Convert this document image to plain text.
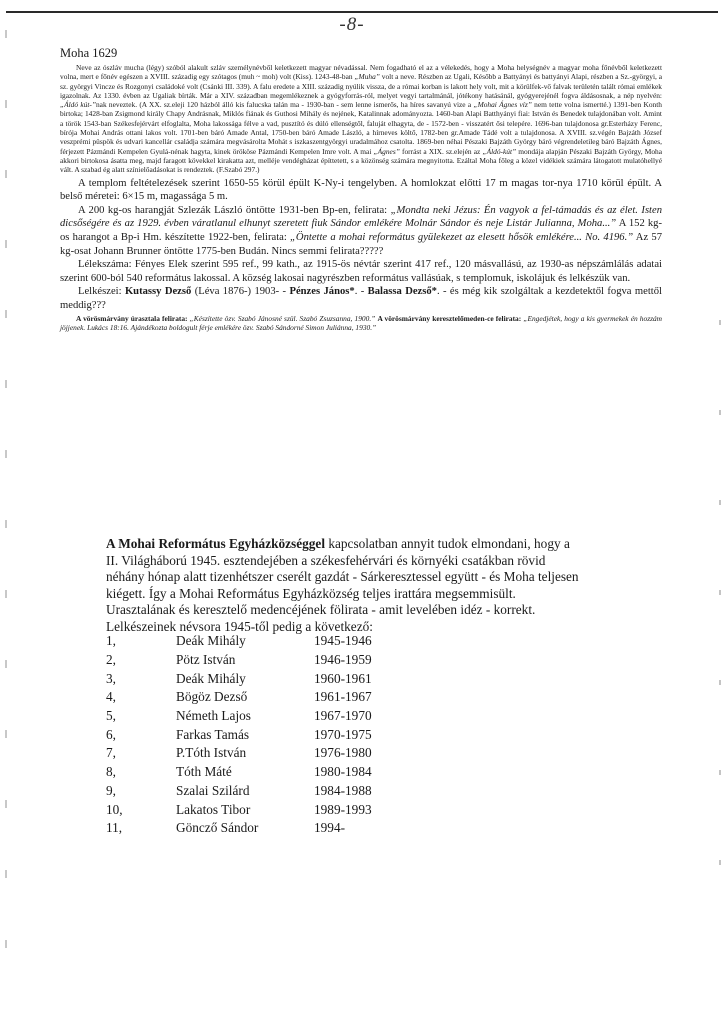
-8-
Moha 1629

Neve az ószláv mucha (légy) szóból alakult szláv személynévből keletkezett magyar névadással. Nem fogadható el az a vélekedés, hogy a Moha helységnév a magyar moha főnévből keletkezett volna, mert e főnév egészen a XVIII. századig egy szótagos (muh ~ moh) volt (Kiss). 1243-48-ban „Muha” volt a neve. Részben az Ugali, Később a Battyányi és battyányi Alapi, részben a Sz.-györgyi, a sz. györgyi Vincze és Rozgonyi családoké volt (Csánki III. 339). A falu eredete a XIII. századig nyúlik vissza, de a római korban is lakott hely volt, mit a körülfek-vő falvak területén talált római emlékek igazolnak. Az 1330. évben az Ugaliak bírták. Már a XIV. században megemlékeznek a gyógyforrás-ról, melyet vegyi tartalmánál, jótékony hatásánál, gyógyerejénél fogva áldásosnak, a nép nyelvén: „Áldó kút-”nak neveztek. (A XX. sz.eleji 120 házból álló kis falucska talán ma - 1930-ban - sem lenne ismerős, ha híres savanyú vize a „Mohai Ágnes víz” nem tette volna ismertté.) 1391-ben Konth birtoka; 1428-ban Zsigmond király Chapy Andrásnak, Miklós fiának és Guthosi Mihály és nejének, Katalinnak adományozta. 1460-ban Alapi Batthyányi fiai: István és Benedek tulajdonában volt. Amint a török 1543-ban Székesfejérvárt elfoglalta, Moha lakossága félve a vad, pusztító és dúló ellenségtől, faluját elhagyta, de - 1572-ben - visszatért ősi telepére. 1696-ban tulajdonosa gr.Esterházy Ferenc, bírója Mohai András ottani lakos volt. 1701-ben báró Amade Antal, 1750-ben báró Amade László, a hírneves költő, 1782-ben gr.Amade Tádé volt a tulajdonosa. A XVIII. sz.végén Bajzáth József veszprémi püspök és udvari kancellár családja számára megvásárolta Mohát s iszkaszentgyörgyi uradalmához csatolta. 1869-ben néhai Pészaki Bajzáth György báró végrendeletileg báró Bajzáth Ágnes, férjezett Pázmándi Kempelen Gyulá-nénak hagyta, kinek örököse Pázmándi Kempelen Imre volt. A mai „Ágnes” forrást a XIX. sz.elején az „Áldó-kút” mondája alapján Pészaki Bajzáth György, Moha akkori birtokosa ásatta meg, majd faragott kövekkel kirakatta azt, melléje vendégházat építtetett, s a közönség számára megnyitotta. Ezáltal Moha főleg a közel vidékiek számára látogatott mulatóhellyé vált. A szabad ég alatt színielőadásokat is rendeztek. (F.Szabó 297.)

A templom feltételezések szerint 1650-55 körül épült K-Ny-i tengelyben. A homlokzat előtti 17 m magas tor-nya 1710 körül épült. A belső méretei: 6×15 m, magassága 5 m.

A 200 kg-os harangját Szlezák László öntötte 1931-ben Bp-en, felirata: „Mondta neki Jézus: Én vagyok a fel-támadás és az élet. Isten dicsőségére és az 1929. évben váratlanul elhunyt szeretett fiuk Sándor emlékére Molnár Sándor és neje Listár Julianna, Moha...” A 152 kg-os harangot a Bp-i Hm. készítette 1922-ben, felirata: „Öntette a mohai református gyülekezet az elesett hősök emlékére... No. 4196.” Az 57 kg-osat Johann Brunner öntötte 1775-ben Budán. Nincs semmi felirata?????

Lélekszáma: Fényes Elek szerint 595 ref., 99 kath., az 1915-ös névtár szerint 417 ref., 120 másvallású, az 1930-as népszámlálás adatai szerint 600-ból 540 református lakossal. A község lakosai nagyrészben református vallásúak, s templomuk, iskolájuk és lelkészük van.

Lelkészei: Kutassy Dezső (Léva 1876-) 1903- - Pénzes János*. - Balassa Dezső*. - és még kik szolgáltak a kezdetektől fogva mettől meddig???

A vörösmárvány úrasztala felirata: „Készítette özv. Szabó Jánosné szül. Szabó Zsuzsanna, 1900.” A vörösmárvány keresztelőmeden-ce felirata: „Engedjétek, hogy a kis gyermekek én hozzám jöjjenek. Lukács 18:16. Ajándékozta boldogult férje emlékére özv. Szabó Sándorné Simon Juliánna, 1930.”

A Mohai Református Egyházközséggel kapcsolatban annyit tudok elmondani, hogy a

II. Világháború 1945. esztendejében a székesfehérvári és környéki csatákban rövid

néhány hónap alatt tizenhétszer cserélt gazdát - Sárkeresztessel együtt - és Moha teljesen

kiégett. Így a Mohai Református Egyházközség teljes irattára megsemmisült.

Urasztalának és keresztelő medencéjének fölirata - amit levelében idéz - korrekt.

Lelkészeinek névsora 1945-től pedig a következő:

1,	Deák Mihály	1945-1946
2,	Pötz István	1946-1959
3,	Deák Mihály	1960-1961
4,	Bögöz Dezső	1961-1967
5,	Németh Lajos	1967-1970
6,	Farkas Tamás	1970-1975
7,	P.Tóth István	1976-1980
8,	Tóth Máté	1980-1984
9,	Szalai Szilárd	1984-1988
10,	Lakatos Tibor	1989-1993
11,	Göncző Sándor	1994-
